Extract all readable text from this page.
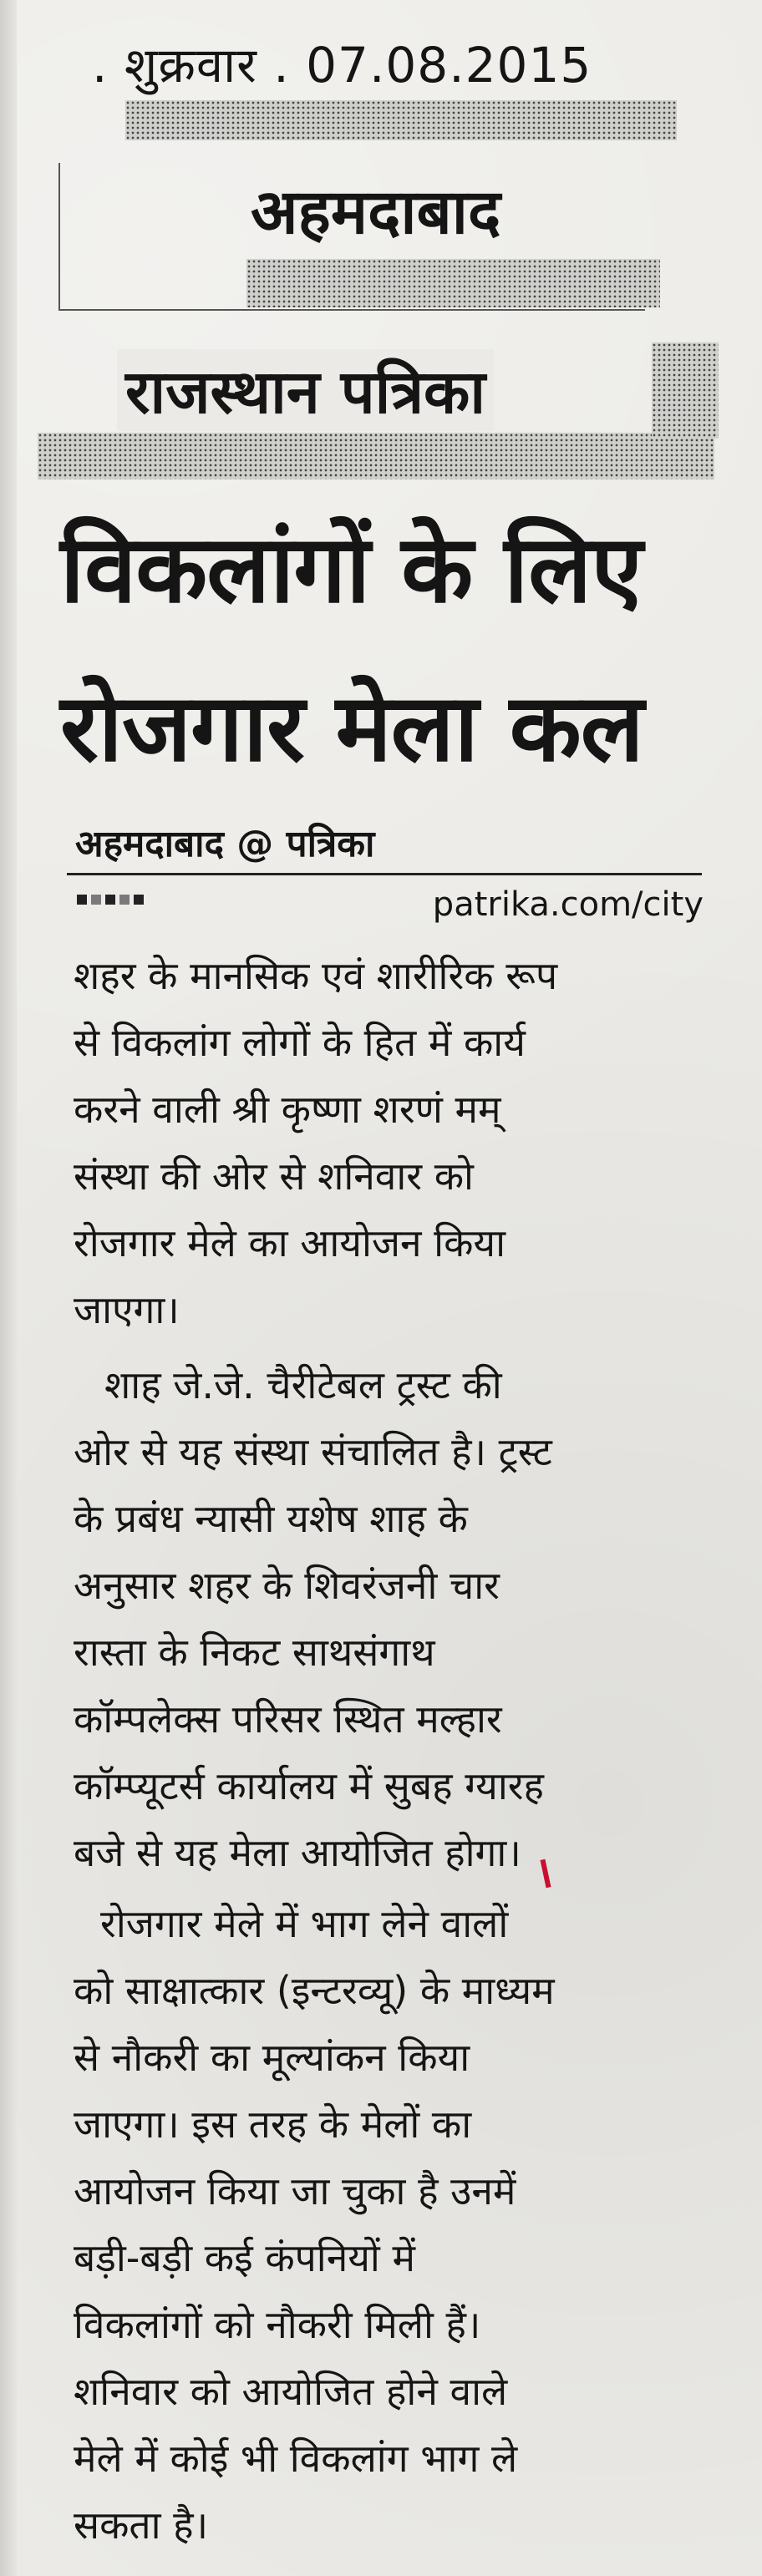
. शुक्रवार . 07.08.2015
अहमदाबाद
राजस्थान पत्रिका
विकलांगों के लिए
रोजगार मेला कल
अहमदाबाद @ पत्रिका
patrika.com/city
शहर के मानसिक एवं शारीरिक रूप
से विकलांग लोगों के हित में कार्य
करने वाली श्री कृष्णा शरणं मम्
संस्था की ओर से शनिवार को
रोजगार मेले का आयोजन किया
जाएगा।
शाह जे.जे. चैरीटेबल ट्रस्ट की
ओर से यह संस्था संचालित है। ट्रस्ट
के प्रबंध न्यासी यशेष शाह के
अनुसार शहर के शिवरंजनी चार
रास्ता के निकट साथसंगाथ
कॉम्पलेक्स परिसर स्थित मल्हार
कॉम्प्यूटर्स कार्यालय में सुबह ग्यारह
बजे से यह मेला आयोजित होगा।
रोजगार मेले में भाग लेने वालों
को साक्षात्कार (इन्टरव्यू) के माध्यम
से नौकरी का मूल्यांकन किया
जाएगा। इस तरह के मेलों का
आयोजन किया जा चुका है उनमें
बड़ी-बड़ी कई कंपनियों में
विकलांगों को नौकरी मिली हैं।
शनिवार को आयोजित होने वाले
मेले में कोई भी विकलांग भाग ले
सकता है।
